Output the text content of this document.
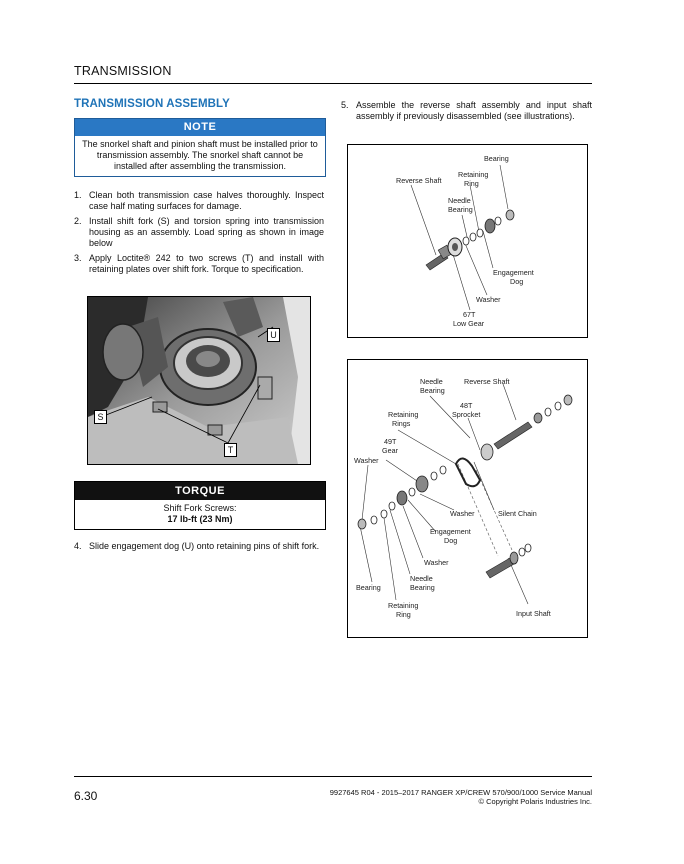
TRANSMISSION
TRANSMISSION ASSEMBLY
NOTE
The snorkel shaft and pinion shaft must be installed prior to transmission assembly. The snorkel shaft cannot be installed after assembling the transmission.
1. Clean both transmission case halves thoroughly. Inspect case half mating surfaces for damage.
2. Install shift fork (S) and torsion spring into transmission housing as an assembly. Load spring as shown in image below
3. Apply Loctite® 242 to two screws (T) and install with retaining plates over shift fork. Torque to specification.
U
S
T
TORQUE
Shift Fork Screws:
17 lb-ft (23 Nm)
4. Slide engagement dog (U) onto retaining pins of shift fork.
5. Assemble the reverse shaft assembly and input shaft assembly if previously disassembled (see illustrations).
Bearing
Reverse Shaft
Retaining
Ring
Needle
Bearing
Engagement
Dog
Washer
67T
Low Gear
Needle
Bearing
Reverse Shaft
48T
Sprocket
Retaining
Rings
49T
Gear
Washer
Washer	Silent Chain
Engagement
Dog
Washer
Needle
Bearing
Bearing
Retaining
Ring	Input Shaft
6.30	9927645 R04 - 2015–2017 RANGER XP/CREW 570/900/1000 Service Manual
© Copyright Polaris Industries Inc.
